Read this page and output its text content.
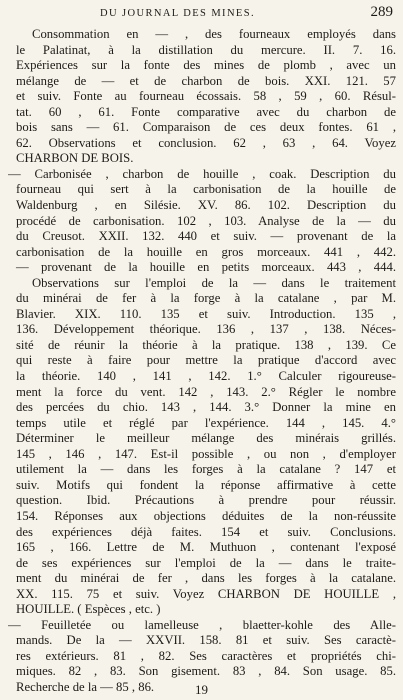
DU JOURNAL DES MINES.	289
Consommation en — , des fourneaux employés dans
le Palatinat, à la distillation du mercure. II. 7. 16.
Expériences sur la fonte des mines de plomb , avec un
mélange de — et de charbon de bois. XXI. 121. 57
et suiv. Fonte au fourneau écossais. 58 , 59 , 60. Résul-
tat. 60 , 61. Fonte comparative avec du charbon de
bois sans — 61. Comparaison de ces deux fontes. 61 ,
62. Observations et conclusion. 62 , 63 , 64. Voyez
CHARBON DE BOIS.
— Carbonisée , charbon de houille , coak. Description du
fourneau qui sert à la carbonisation de la houille de
Waldenburg , en Silésie. XV. 86. 102. Description du
procédé de carbonisation. 102 , 103. Analyse de la — du
du Creusot. XXII. 132. 440 et suiv. — provenant de la
carbonisation de la houille en gros morceaux. 441 , 442.
— provenant de la houille en petits morceaux. 443 , 444.
Observations sur l'emploi de la — dans le traitement
du minérai de fer à la forge à la catalane , par M.
Blavier. XIX. 110. 135 et suiv. Introduction. 135 ,
136. Développement théorique. 136 , 137 , 138. Néces-
sité de réunir la théorie à la pratique. 138 , 139. Ce
qui reste à faire pour mettre la pratique d'accord avec
la théorie. 140 , 141 , 142. 1.° Calculer rigoureuse-
ment la force du vent. 142 , 143. 2.° Régler le nombre
des percées du chio. 143 , 144. 3.° Donner la mine en
temps utile et réglé par l'expérience. 144 , 145. 4.°
Déterminer le meilleur mélange des minérais grillés.
145 , 146 , 147. Est-il possible , ou non , d'employer
utilement la — dans les forges à la catalane ? 147 et
suiv. Motifs qui fondent la réponse affirmative à cette
question. Ibid. Précautions à prendre pour réussir.
154. Réponses aux objections déduites de la non-réussite
des expériences déjà faites. 154 et suiv. Conclusions.
165 , 166. Lettre de M. Muthuon , contenant l'exposé
de ses expériences sur l'emploi de la — dans le traite-
ment du minérai de fer , dans les forges à la catalane.
XX. 115. 75 et suiv. Voyez CHARBON DE HOUILLE ,
HOUILLE. ( Espèces , etc. )
— Feuilletée ou lamelleuse , blaetter-kohle des Alle-
mands. De la — XXVII. 158. 81 et suiv. Ses caractè-
res extérieurs. 81 , 82. Ses caractères et propriétés chi-
miques. 82 , 83. Son gisement. 83 , 84. Son usage. 85.
Recherche de la — 85 , 86.	19
